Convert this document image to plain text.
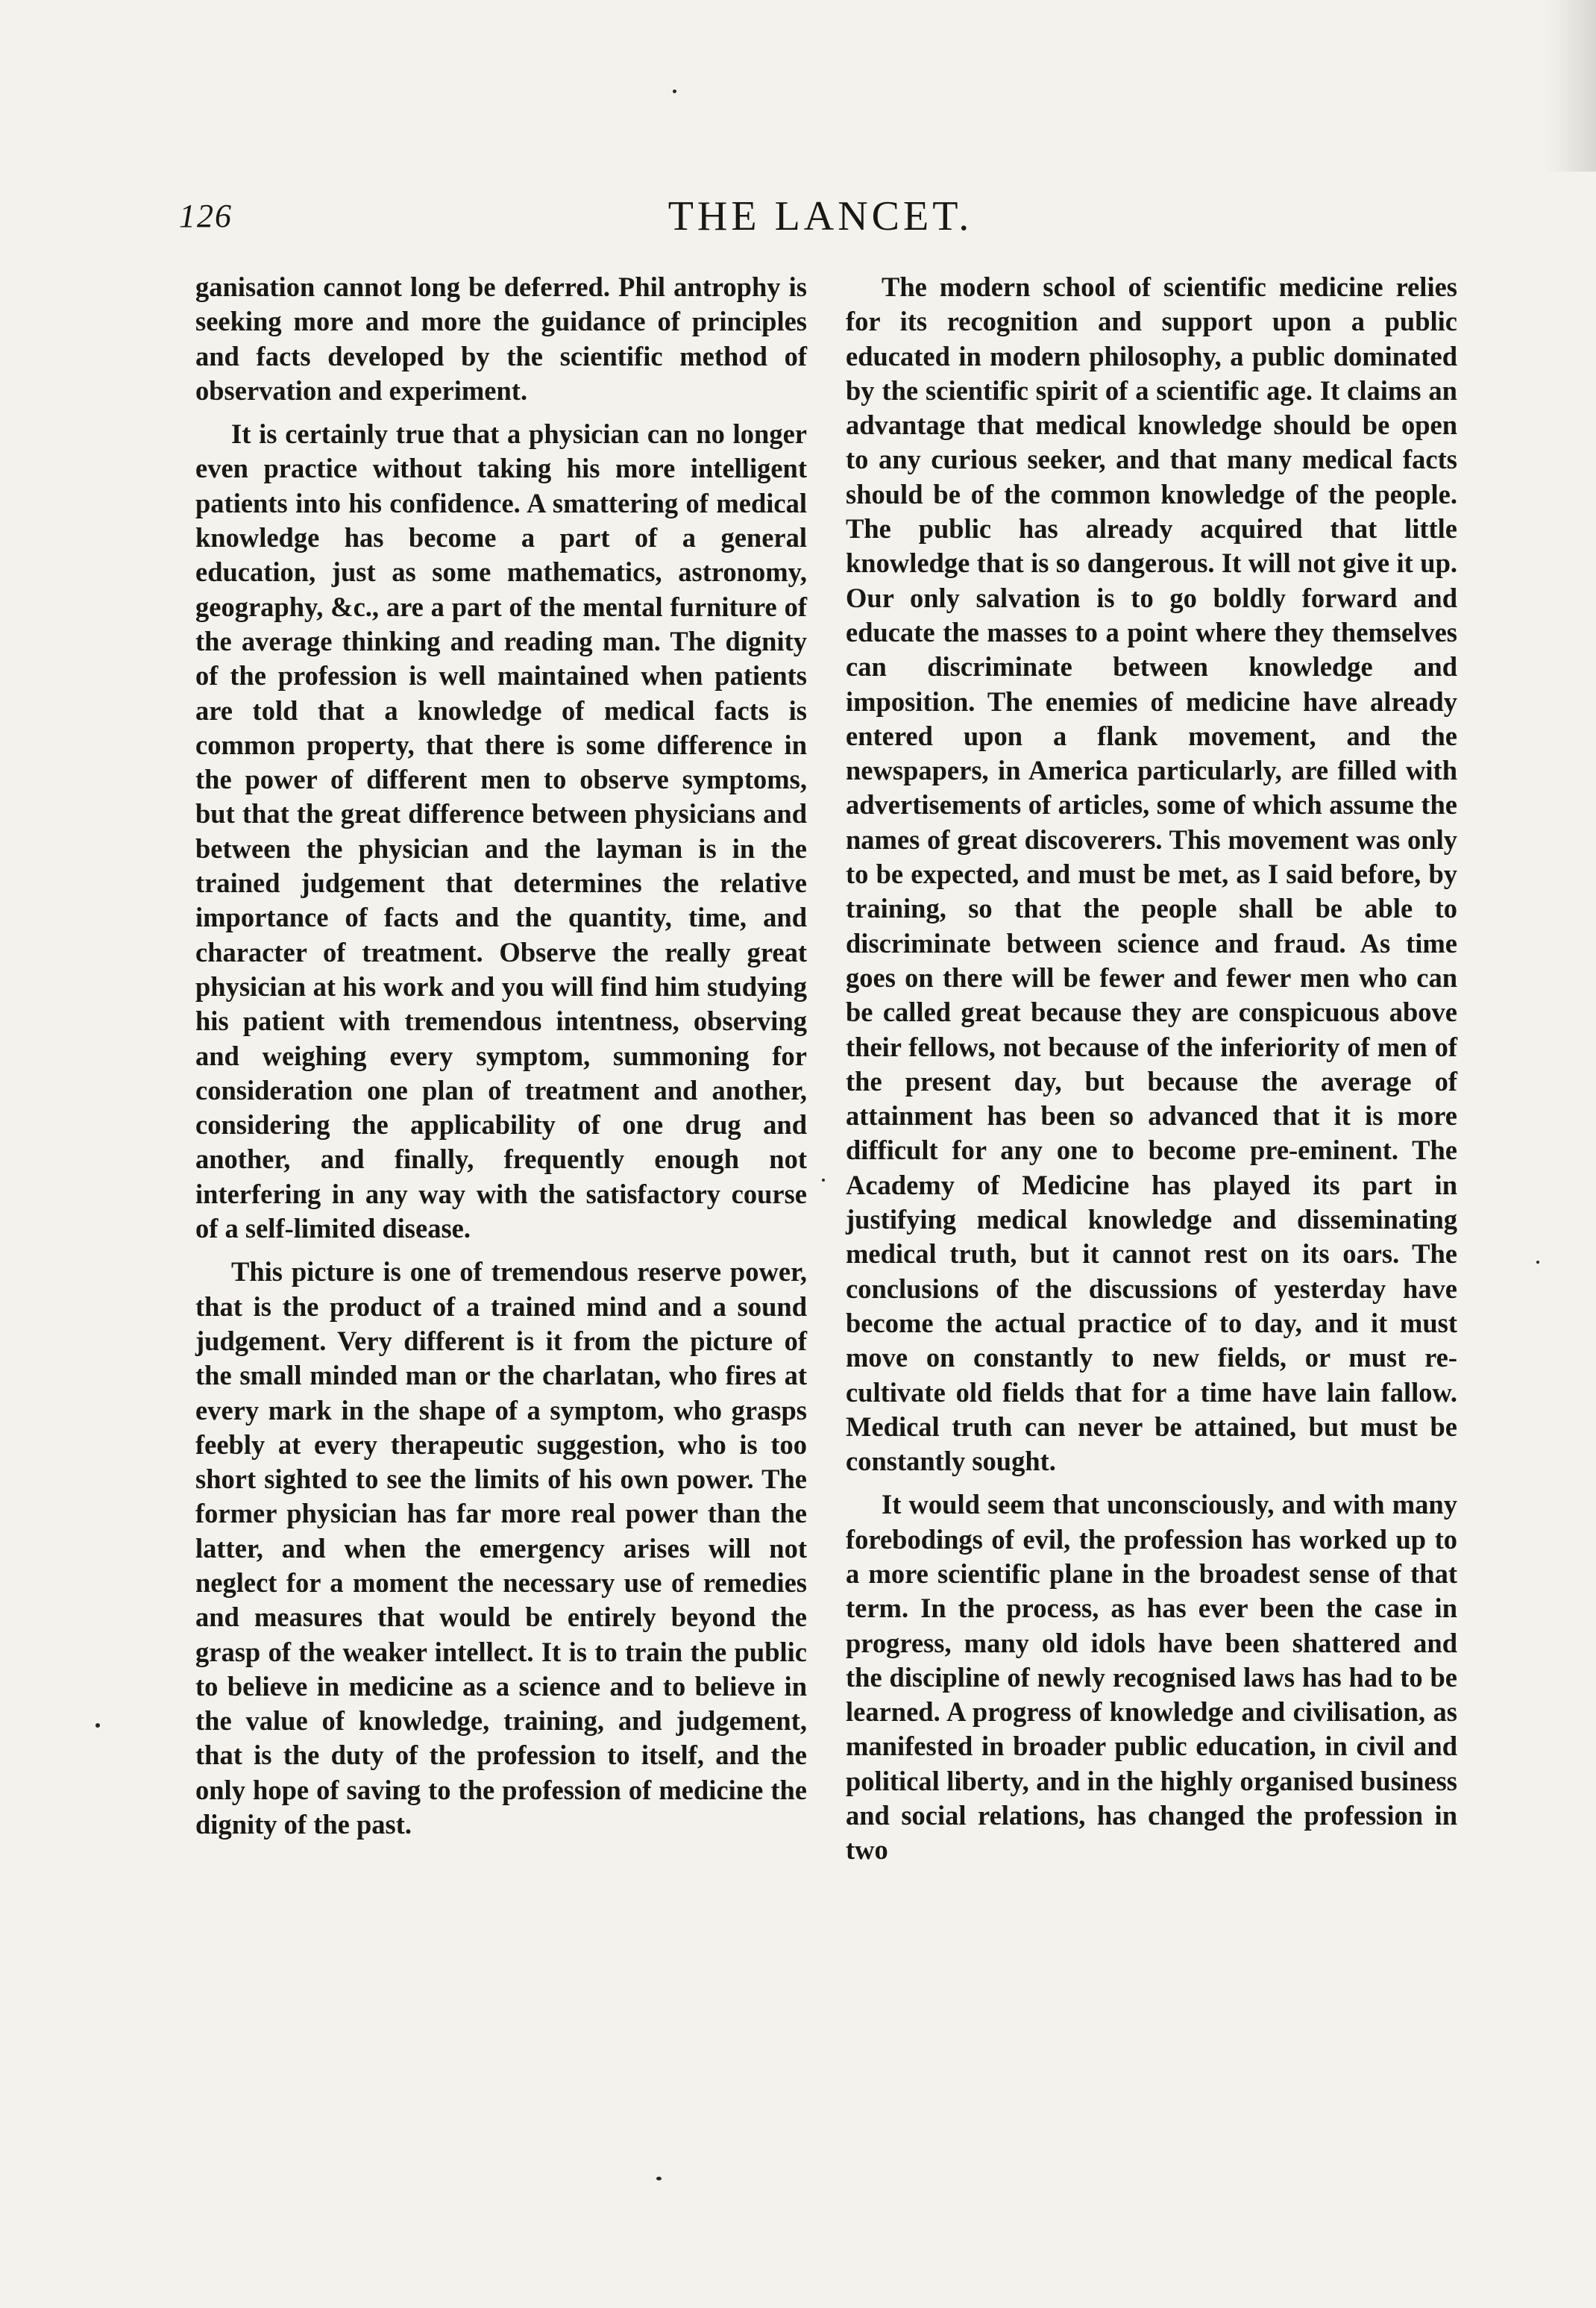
126	THE LANCET.

ganisation cannot long be deferred. Phil antrophy is seeking more and more the guidance of principles and facts developed by the scientific method of observation and experiment.

It is certainly true that a physician can no longer even practice without taking his more intelligent patients into his confidence. A smattering of medical knowledge has become a part of a general education, just as some mathematics, astronomy, geography, &c., are a part of the mental furniture of the average thinking and reading man. The dignity of the profession is well maintained when patients are told that a knowledge of medical facts is common property, that there is some difference in the power of different men to observe symptoms, but that the great difference between physicians and between the physician and the layman is in the trained judgement that determines the relative importance of facts and the quantity, time, and character of treatment. Observe the really great physician at his work and you will find him studying his patient with tremendous intentness, observing and weighing every symptom, summoning for consideration one plan of treatment and another, considering the applicability of one drug and another, and finally, frequently enough not interfering in any way with the satisfactory course of a self-limited disease.

This picture is one of tremendous reserve power, that is the product of a trained mind and a sound judgement. Very different is it from the picture of the small minded man or the charlatan, who fires at every mark in the shape of a symptom, who grasps feebly at every therapeutic suggestion, who is too short sighted to see the limits of his own power. The former physician has far more real power than the latter, and when the emergency arises will not neglect for a moment the necessary use of remedies and measures that would be entirely beyond the grasp of the weaker intellect. It is to train the public to believe in medicine as a science and to believe in the value of knowledge, training, and judgement, that is the duty of the profession to itself, and the only hope of saving to the profession of medicine the dignity of the past.

The modern school of scientific medicine relies for its recognition and support upon a public educated in modern philosophy, a public dominated by the scientific spirit of a scientific age. It claims an advantage that medical knowledge should be open to any curious seeker, and that many medical facts should be of the common knowledge of the people. The public has already acquired that little knowledge that is so dangerous. It will not give it up. Our only salvation is to go boldly forward and educate the masses to a point where they themselves can discriminate between knowledge and imposition. The enemies of medicine have already entered upon a flank movement, and the newspapers, in America particularly, are filled with advertisements of articles, some of which assume the names of great discoverers. This movement was only to be expected, and must be met, as I said before, by training, so that the people shall be able to discriminate between science and fraud. As time goes on there will be fewer and fewer men who can be called great because they are conspicuous above their fellows, not because of the inferiority of men of the present day, but because the average of attainment has been so advanced that it is more difficult for any one to become pre-eminent. The Academy of Medicine has played its part in justifying medical knowledge and disseminating medical truth, but it cannot rest on its oars. The conclusions of the discussions of yesterday have become the actual practice of to day, and it must move on constantly to new fields, or must re-cultivate old fields that for a time have lain fallow. Medical truth can never be attained, but must be constantly sought.

It would seem that unconsciously, and with many forebodings of evil, the profession has worked up to a more scientific plane in the broadest sense of that term. In the process, as has ever been the case in progress, many old idols have been shattered and the discipline of newly recognised laws has had to be learned. A progress of knowledge and civilisation, as manifested in broader public education, in civil and political liberty, and in the highly organised business and social relations, has changed the profession in two
